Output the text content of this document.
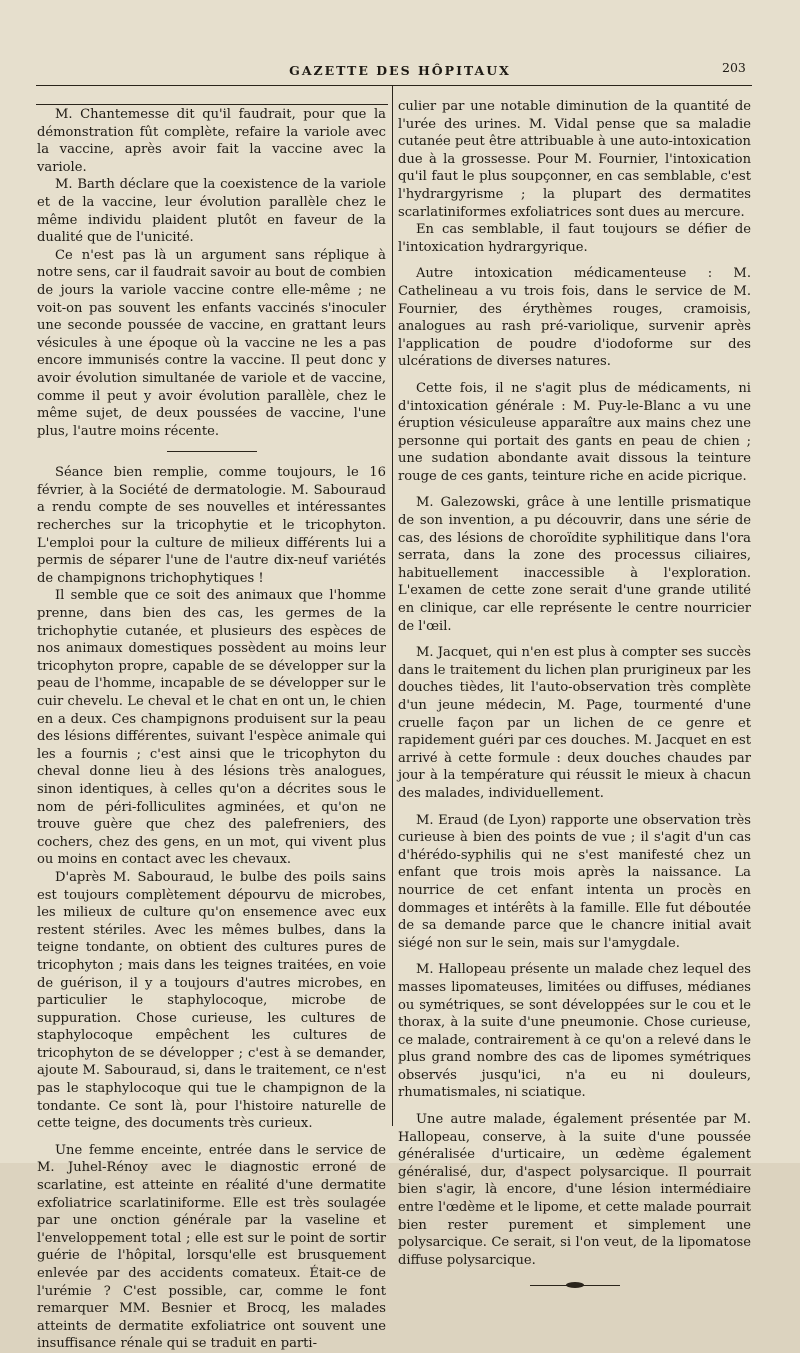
GAZETTE DES HÔPITAUX	203

M. Chantemesse dit qu'il faudrait, pour que la démonstration fût complète, refaire la variole avec la vaccine, après avoir fait la vaccine avec la variole.

M. Barth déclare que la coexistence de la variole et de la vaccine, leur évolution parallèle chez le même individu plaident plutôt en faveur de la dualité que de l'unicité.

Ce n'est pas là un argument sans réplique à notre sens, car il faudrait savoir au bout de combien de jours la variole vaccine contre elle-même ; ne voit-on pas souvent les enfants vaccinés s'inoculer une seconde poussée de vaccine, en grattant leurs vésicules à une époque où la vaccine ne les a pas encore immunisés contre la vaccine. Il peut donc y avoir évolution simultanée de variole et de vaccine, comme il peut y avoir évolution parallèle, chez le même sujet, de deux poussées de vaccine, l'une plus, l'autre moins récente.

Séance bien remplie, comme toujours, le 16 février, à la Société de dermatologie. M. Sabouraud a rendu compte de ses nouvelles et intéressantes recherches sur la tricophytie et le tricophyton. L'emploi pour la culture de milieux différents lui a permis de séparer l'une de l'autre dix-neuf variétés de champignons trichophytiques !

Il semble que ce soit des animaux que l'homme prenne, dans bien des cas, les germes de la trichophytie cutanée, et plusieurs des espèces de nos animaux domestiques possèdent au moins leur tricophyton propre, capable de se développer sur la peau de l'homme, incapable de se développer sur le cuir chevelu. Le cheval et le chat en ont un, le chien en a deux. Ces champignons produisent sur la peau des lésions différentes, suivant l'espèce animale qui les a fournis ; c'est ainsi que le tricophyton du cheval donne lieu à des lésions très analogues, sinon identiques, à celles qu'on a décrites sous le nom de péri-folliculites agminées, et qu'on ne trouve guère que chez des palefreniers, des cochers, chez des gens, en un mot, qui vivent plus ou moins en contact avec les chevaux.

D'après M. Sabouraud, le bulbe des poils sains est toujours complètement dépourvu de microbes, les milieux de culture qu'on ensemence avec eux restent stériles. Avec les mêmes bulbes, dans la teigne tondante, on obtient des cultures pures de tricophyton ; mais dans les teignes traitées, en voie de guérison, il y a toujours d'autres microbes, en particulier le staphylocoque, microbe de suppuration. Chose curieuse, les cultures de staphylocoque empêchent les cultures de tricophyton de se développer ; c'est à se demander, ajoute M. Sabouraud, si, dans le traitement, ce n'est pas le staphylocoque qui tue le champignon de la tondante. Ce sont là, pour l'histoire naturelle de cette teigne, des documents très curieux.

Une femme enceinte, entrée dans le service de M. Juhel-Rénoy avec le diagnostic erroné de scarlatine, est atteinte en réalité d'une dermatite exfoliatrice scarlatiniforme. Elle est très soulagée par une onction générale par la vaseline et l'enveloppement total ; elle est sur le point de sortir guérie de l'hôpital, lorsqu'elle est brusquement enlevée par des accidents comateux. Était-ce de l'urémie ? C'est possible, car, comme le font remarquer MM. Besnier et Brocq, les malades atteints de dermatite exfoliatrice ont souvent une insuffisance rénale qui se traduit en parti-

culier par une notable diminution de la quantité de l'urée des urines. M. Vidal pense que sa maladie cutanée peut être attribuable à une auto-intoxication due à la grossesse. Pour M. Fournier, l'intoxication qu'il faut le plus soupçonner, en cas semblable, c'est l'hydrargyrisme ; la plupart des dermatites scarlatiniformes exfoliatrices sont dues au mercure.

En cas semblable, il faut toujours se défier de l'intoxication hydrargyrique.

Autre intoxication médicamenteuse : M. Cathelineau a vu trois fois, dans le service de M. Fournier, des érythèmes rouges, cramoisis, analogues au rash pré-variolique, survenir après l'application de poudre d'iodoforme sur des ulcérations de diverses natures.

Cette fois, il ne s'agit plus de médicaments, ni d'intoxication générale : M. Puy-le-Blanc a vu une éruption vésiculeuse apparaître aux mains chez une personne qui portait des gants en peau de chien ; une sudation abondante avait dissous la teinture rouge de ces gants, teinture riche en acide picrique.

M. Galezowski, grâce à une lentille prismatique de son invention, a pu découvrir, dans une série de cas, des lésions de choroïdite syphilitique dans l'ora serrata, dans la zone des processus ciliaires, habituellement inaccessible à l'exploration. L'examen de cette zone serait d'une grande utilité en clinique, car elle représente le centre nourricier de l'œil.

M. Jacquet, qui n'en est plus à compter ses succès dans le traitement du lichen plan prurigineux par les douches tièdes, lit l'auto-observation très complète d'un jeune médecin, M. Page, tourmenté d'une cruelle façon par un lichen de ce genre et rapidement guéri par ces douches. M. Jacquet en est arrivé à cette formule : deux douches chaudes par jour à la température qui réussit le mieux à chacun des malades, individuellement.

M. Eraud (de Lyon) rapporte une observation très curieuse à bien des points de vue ; il s'agit d'un cas d'hérédo-syphilis qui ne s'est manifesté chez un enfant que trois mois après la naissance. La nourrice de cet enfant intenta un procès en dommages et intérêts à la famille. Elle fut déboutée de sa demande parce que le chancre initial avait siégé non sur le sein, mais sur l'amygdale.

M. Hallopeau présente un malade chez lequel des masses lipomateuses, limitées ou diffuses, médianes ou symétriques, se sont développées sur le cou et le thorax, à la suite d'une pneumonie. Chose curieuse, ce malade, contrairement à ce qu'on a relevé dans le plus grand nombre des cas de lipomes symétriques observés jusqu'ici, n'a eu ni douleurs, rhumatismales, ni sciatique.

Une autre malade, également présentée par M. Hallopeau, conserve, à la suite d'une poussée généralisée d'urticaire, un œdème également généralisé, dur, d'aspect polysarcique. Il pourrait bien s'agir, là encore, d'une lésion intermédiaire entre l'œdème et le lipome, et cette malade pourrait bien rester purement et simplement une polysarcique. Ce serait, si l'on veut, de la lipomatose diffuse polysarcique.
